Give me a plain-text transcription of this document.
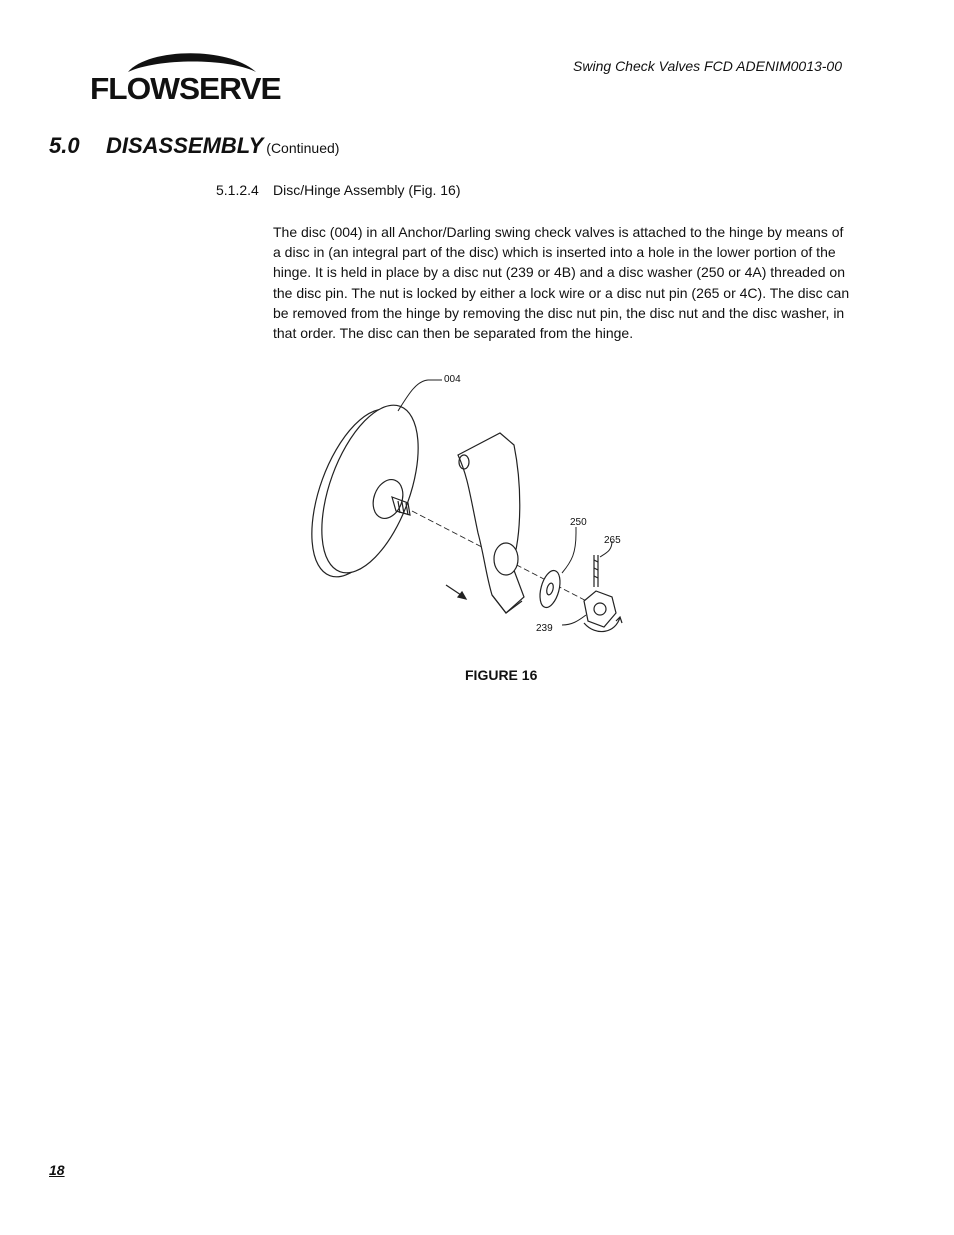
FLOWSERVE
Swing Check Valves FCD ADENIM0013-00
5.0 DISASSEMBLY (Continued)
5.1.2.4 Disc/Hinge Assembly (Fig. 16)
The disc (004) in all Anchor/Darling swing check valves is attached to the hinge by means of
a disc in (an integral part of the disc) which is inserted into a hole in the lower portion of the
hinge. It is held in place by a disc nut (239 or 4B) and a disc washer (250 or 4A) threaded on
the disc pin. The nut is locked by either a lock wire or a disc nut pin (265 or 4C). The disc can
be removed from the hinge by removing the disc nut pin, the disc nut and the disc washer, in
that order. The disc can then be separated from the hinge.
004
250
265
239
FIGURE 16
18
